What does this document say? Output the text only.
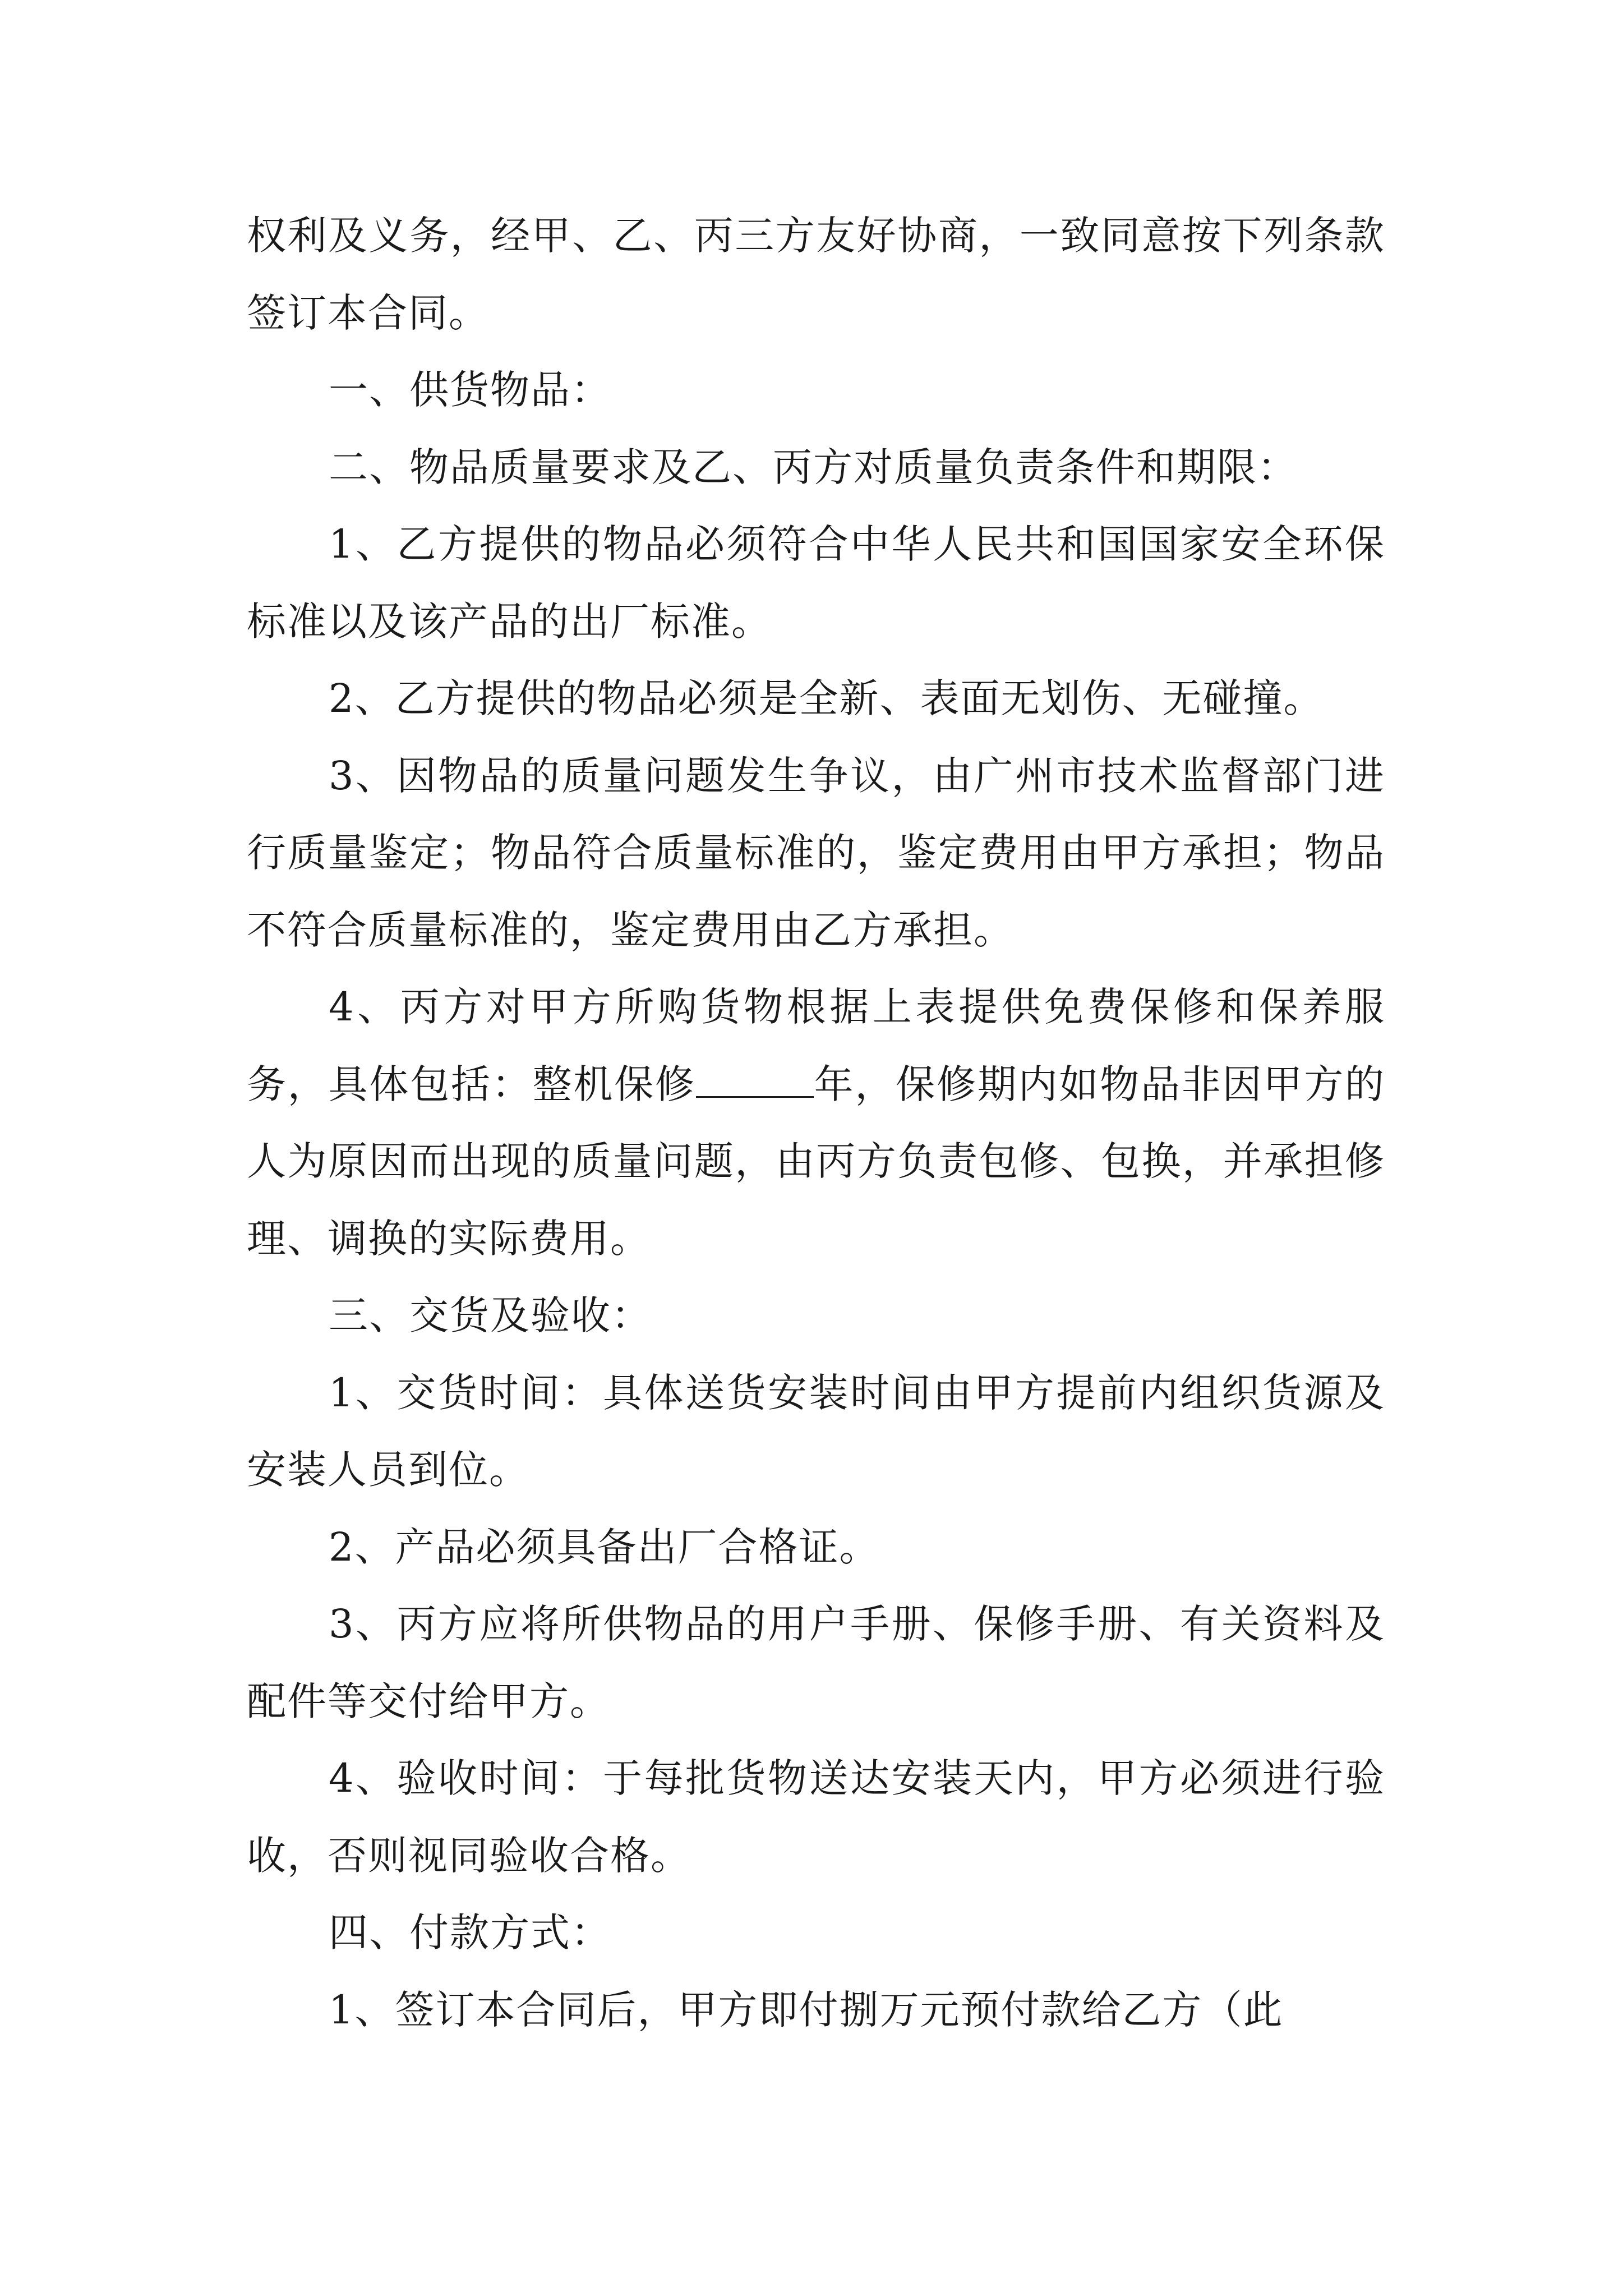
权利及义务，经甲、乙、丙三方友好协商，一致同意按下列条款签订本合同。

一、供货物品：

二、物品质量要求及乙、丙方对质量负责条件和期限：

1、乙方提供的物品必须符合中华人民共和国国家安全环保标准以及该产品的出厂标准。

2、乙方提供的物品必须是全新、表面无划伤、无碰撞。

3、因物品的质量问题发生争议，由广州市技术监督部门进行质量鉴定；物品符合质量标准的，鉴定费用由甲方承担；物品不符合质量标准的，鉴定费用由乙方承担。

4、丙方对甲方所购货物根据上表提供免费保修和保养服务，具体包括：整机保修	年，保修期内如物品非因甲方的人为原因而出现的质量问题，由丙方负责包修、包换，并承担修理、调换的实际费用。

三、交货及验收：

1、交货时间：具体送货安装时间由甲方提前内组织货源及安装人员到位。

2、产品必须具备出厂合格证。

3、丙方应将所供物品的用户手册、保修手册、有关资料及配件等交付给甲方。

4、验收时间：于每批货物送达安装天内，甲方必须进行验收，否则视同验收合格。

四、付款方式：

1、签订本合同后，甲方即付捌万元预付款给乙方（此
